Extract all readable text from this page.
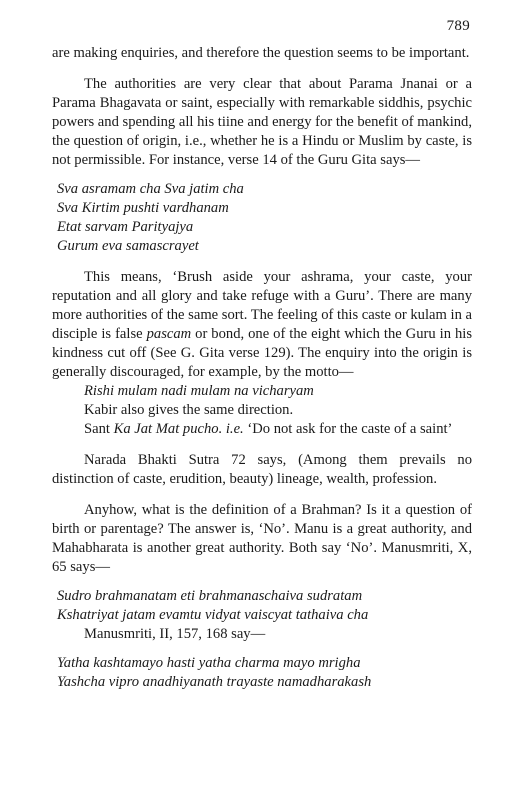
789

are making enquiries, and therefore the question seems to be important.

The authorities are very clear that about Parama Jnanai or a Parama Bhagavata or saint, especially with remarkable siddhis, psychic powers and spending all his tiine and energy for the benefit of mankind, the question of origin, i.e., whether he is a Hindu or Muslim by caste, is not permissible. For instance, verse 14 of the Guru Gita says—

Sva asramam cha Sva jatim cha
Sva Kirtim pushti vardhanam
Etat sarvam Parityajya
Gurum eva samascrayet

This means, ‘Brush aside your ashrama, your caste, your reputation and all glory and take refuge with a Guru’. There are many more authorities of the same sort. The feeling of this caste or kulam in a disciple is false pascam or bond, one of the eight which the Guru in his kindness cut off (See G. Gita verse 129). The enquiry into the origin is generally discouraged, for example, by the motto—

Rishi mulam nadi mulam na vicharyam

Kabir also gives the same direction.

Sant Ka Jat Mat pucho. i.e. ‘Do not ask for the caste of a saint’

Narada Bhakti Sutra 72 says, (Among them prevails no distinction of caste, erudition, beauty) lineage, wealth, profession.

Anyhow, what is the definition of a Brahman? Is it a question of birth or parentage? The answer is, ‘No’. Manu is a great authority, and Mahabharata is another great authority. Both say ‘No’. Manusmriti, X, 65 says—

Sudro brahmanatam eti brahmanaschaiva sudratam
Kshatriyat jatam evamtu vidyat vaiscyat tathaiva cha

Manusmriti, II, 157, 168 say—

Yatha kashtamayo hasti yatha charma mayo mrigha
Yashcha vipro anadhiyanath trayaste namadharakash
